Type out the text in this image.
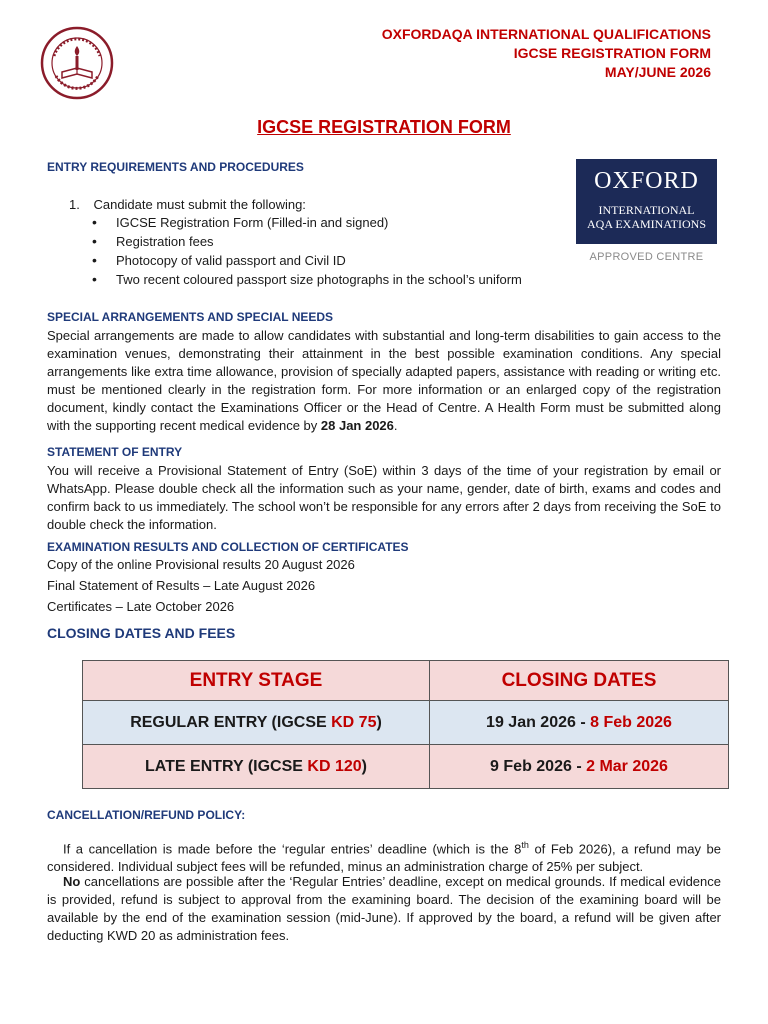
OXFORDAQA INTERNATIONAL QUALIFICATIONS
IGCSE REGISTRATION FORM
MAY/JUNE 2026
IGCSE REGISTRATION FORM
OXFORD
INTERNATIONAL
AQA EXAMINATIONS
APPROVED CENTRE
ENTRY REQUIREMENTS AND PROCEDURES
1. Candidate must submit the following:
• IGCSE Registration Form (Filled-in and signed)
• Registration fees
• Photocopy of valid passport and Civil ID
• Two recent coloured passport size photographs in the school’s uniform
SPECIAL ARRANGEMENTS AND SPECIAL NEEDS
Special arrangements are made to allow candidates with substantial and long-term disabilities to gain access to the examination venues, demonstrating their attainment in the best possible examination conditions. Any special arrangements like extra time allowance, provision of specially adapted papers, assistance with reading or writing etc. must be mentioned clearly in the registration form. For more information or an enlarged copy of the registration document, kindly contact the Examinations Officer or the Head of Centre. A Health Form must be submitted along with the supporting recent medical evidence by 28 Jan 2026.
STATEMENT OF ENTRY
You will receive a Provisional Statement of Entry (SoE) within 3 days of the time of your registration by email or WhatsApp. Please double check all the information such as your name, gender, date of birth, exams and codes and confirm back to us immediately. The school won’t be responsible for any errors after 2 days from receiving the SoE to double check the information.
EXAMINATION RESULTS AND COLLECTION OF CERTIFICATES
Copy of the online Provisional results 20 August 2026
Final Statement of Results – Late August 2026
Certificates – Late October 2026
CLOSING DATES AND FEES
ENTRY STAGE	CLOSING DATES
REGULAR ENTRY (IGCSE KD 75)	19 Jan 2026 - 8 Feb 2026
LATE ENTRY (IGCSE KD 120)	9 Feb 2026 - 2 Mar 2026
CANCELLATION/REFUND POLICY:
If a cancellation is made before the ‘regular entries’ deadline (which is the 8th of Feb 2026), a refund may be considered. Individual subject fees will be refunded, minus an administration charge of 25% per subject.
No cancellations are possible after the ‘Regular Entries’ deadline, except on medical grounds. If medical evidence is provided, refund is subject to approval from the examining board. The decision of the examining board will be available by the end of the examination session (mid-June). If approved by the board, a refund will be given after deducting KWD 20 as administration fees.
